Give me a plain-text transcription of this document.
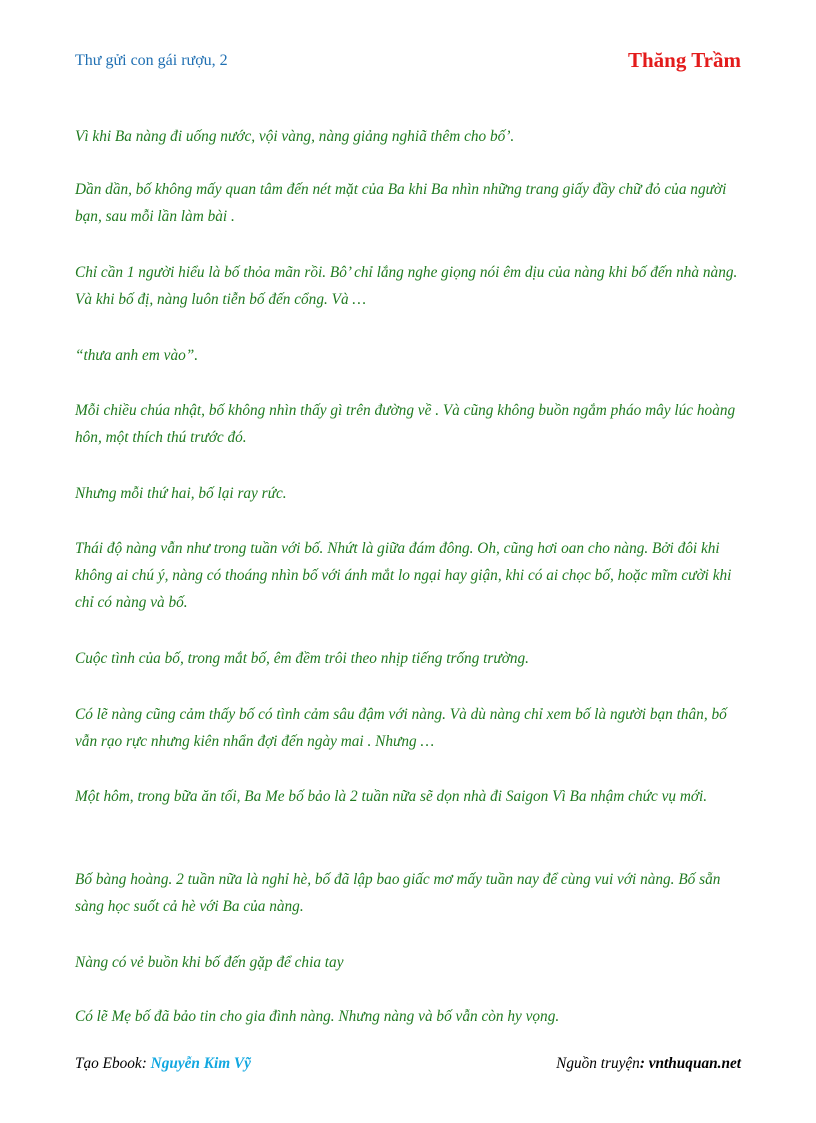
Thư gửi con gái rượu, 2	Thăng Trầm

Vì khi Ba nàng đi uống nước, vội vàng, nàng giảng nghiã thêm cho bố’.

Dần dần, bố không mấy quan tâm đến nét mặt của Ba khi Ba nhìn những trang giấy đầy chữ đỏ của người bạn, sau mỗi lần làm bài .

Chỉ cần 1 người hiểu là bố thỏa mãn rồi. Bô’ chỉ lắng nghe giọng nói êm dịu của nàng khi bố đến nhà nàng. Và khi bố đị, nàng luôn tiễn bố đến cổng. Và …

“thưa anh em vào”.

Mỗi chiều chúa nhật, bố không nhìn thấy gì trên đường về . Và cũng không buồn ngắm pháo mây lúc hoàng hôn, một thích thú trước đó.

Nhưng mỗi thứ hai, bố lại ray rức.

Thái độ nàng vẫn như trong tuần với bố. Nhứt là giữa đám đông. Oh, cũng hơi oan cho nàng. Bởi đôi khi không ai chú ý, nàng có thoáng nhìn bố với ánh mắt lo ngại hay giận, khi có ai chọc bố, hoặc mĩm cười khi chỉ có nàng và bố.

Cuộc tình của bố, trong mắt bố, êm đềm trôi theo nhịp tiếng trống trường.

Có lẽ nàng cũng cảm thấy bố có tình cảm sâu đậm với nàng. Và dù nàng chỉ xem bố là người bạn thân, bố vẫn rạo rực nhưng kiên nhẩn đợi đến ngày mai . Nhưng …

Một hôm, trong bữa ăn tối, Ba Me bố bảo là 2 tuần nữa sẽ dọn nhà đi Saigon Vì Ba nhậm chức vụ mới.

Bố bàng hoàng. 2 tuần nữa là nghỉ hè, bố đã lập bao giấc mơ mấy tuần nay để cùng vui với nàng. Bố sẵn sàng học suốt cả hè với Ba của nàng.

Nàng có vẻ buồn khi bố đến gặp để chia tay

Có lẽ Mẹ bố đã bảo tin cho gia đình nàng. Nhưng nàng và bố vẫn còn hy vọng.

Tạo Ebook: Nguyễn Kim Vỹ	Nguồn truyện: vnthuquan.net
